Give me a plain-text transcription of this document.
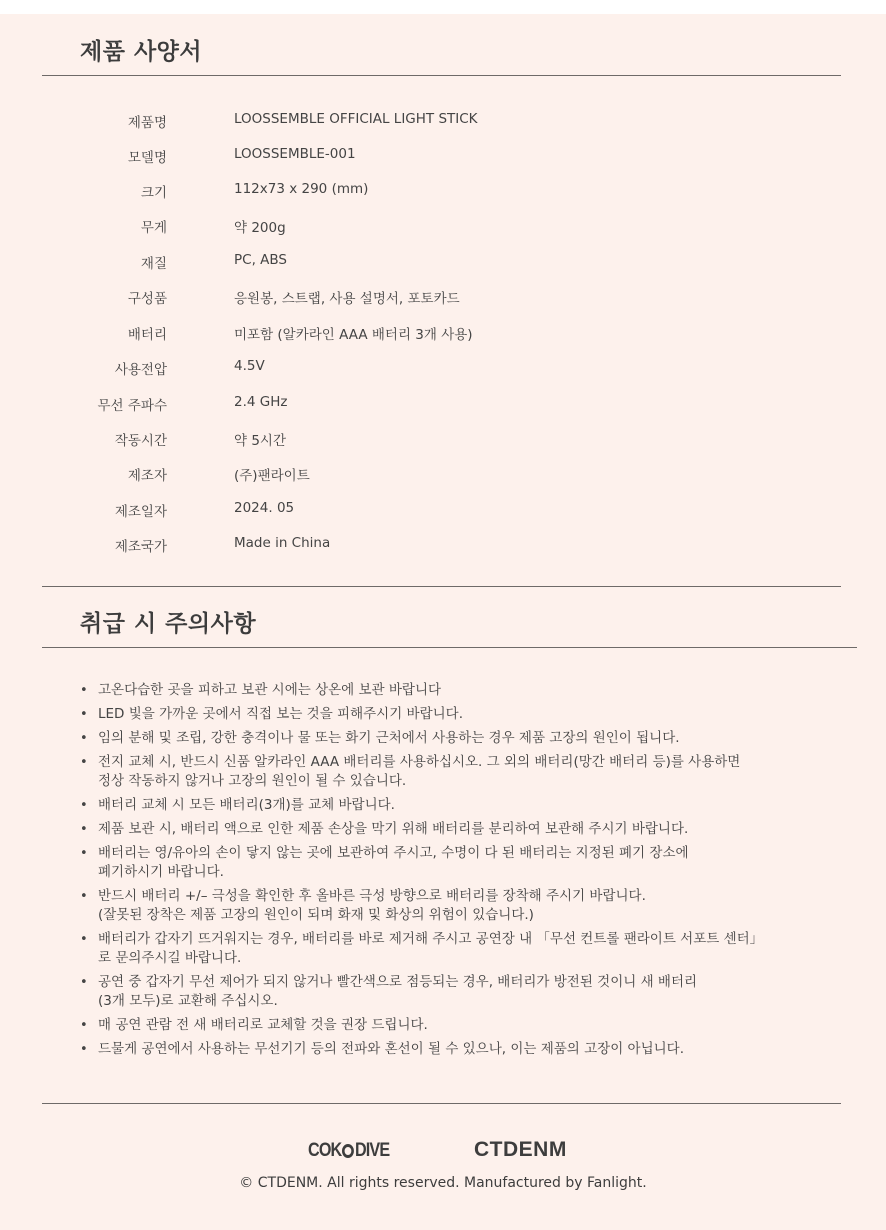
제품 사양서
제품명	LOOSSEMBLE OFFICIAL LIGHT STICK
모델명	LOOSSEMBLE-001
크기	112x73 x 290 (mm)
무게	약 200g
재질	PC, ABS
구성품	응원봉, 스트랩, 사용 설명서, 포토카드
배터리	미포함 (알카라인 AAA 배터리 3개 사용)
사용전압	4.5V
무선 주파수	2.4 GHz
작동시간	약 5시간
제조자	(주)팬라이트
제조일자	2024. 05
제조국가	Made in China
취급 시 주의사항
• 고온다습한 곳을 피하고 보관 시에는 상온에 보관 바랍니다
• LED 빛을 가까운 곳에서 직접 보는 것을 피해주시기 바랍니다.
• 임의 분해 및 조립, 강한 충격이나 물 또는 화기 근처에서 사용하는 경우 제품 고장의 원인이 됩니다.
• 전지 교체 시, 반드시 신품 알카라인 AAA 배터리를 사용하십시오. 그 외의 배터리(망간 배터리 등)를 사용하면
정상 작동하지 않거나 고장의 원인이 될 수 있습니다.
• 배터리 교체 시 모든 배터리(3개)를 교체 바랍니다.
• 제품 보관 시, 배터리 액으로 인한 제품 손상을 막기 위해 배터리를 분리하여 보관해 주시기 바랍니다.
• 배터리는 영/유아의 손이 닿지 않는 곳에 보관하여 주시고, 수명이 다 된 배터리는 지정된 폐기 장소에
폐기하시기 바랍니다.
• 반드시 배터리 +/– 극성을 확인한 후 올바른 극성 방향으로 배터리를 장착해 주시기 바랍니다.
(잘못된 장착은 제품 고장의 원인이 되며 화재 및 화상의 위험이 있습니다.)
• 배터리가 갑자기 뜨거워지는 경우, 배터리를 바로 제거해 주시고 공연장 내 「무선 컨트롤 팬라이트 서포트 센터」
로 문의주시길 바랍니다.
• 공연 중 갑자기 무선 제어가 되지 않거나 빨간색으로 점등되는 경우, 배터리가 방전된 것이니 새 배터리
(3개 모두)로 교환해 주십시오.
• 매 공연 관람 전 새 배터리로 교체할 것을 권장 드립니다.
• 드물게 공연에서 사용하는 무선기기 등의 전파와 혼선이 될 수 있으나, 이는 제품의 고장이 아닙니다.
COK DIVE	CTDENM
© CTDENM. All rights reserved. Manufactured by Fanlight.
